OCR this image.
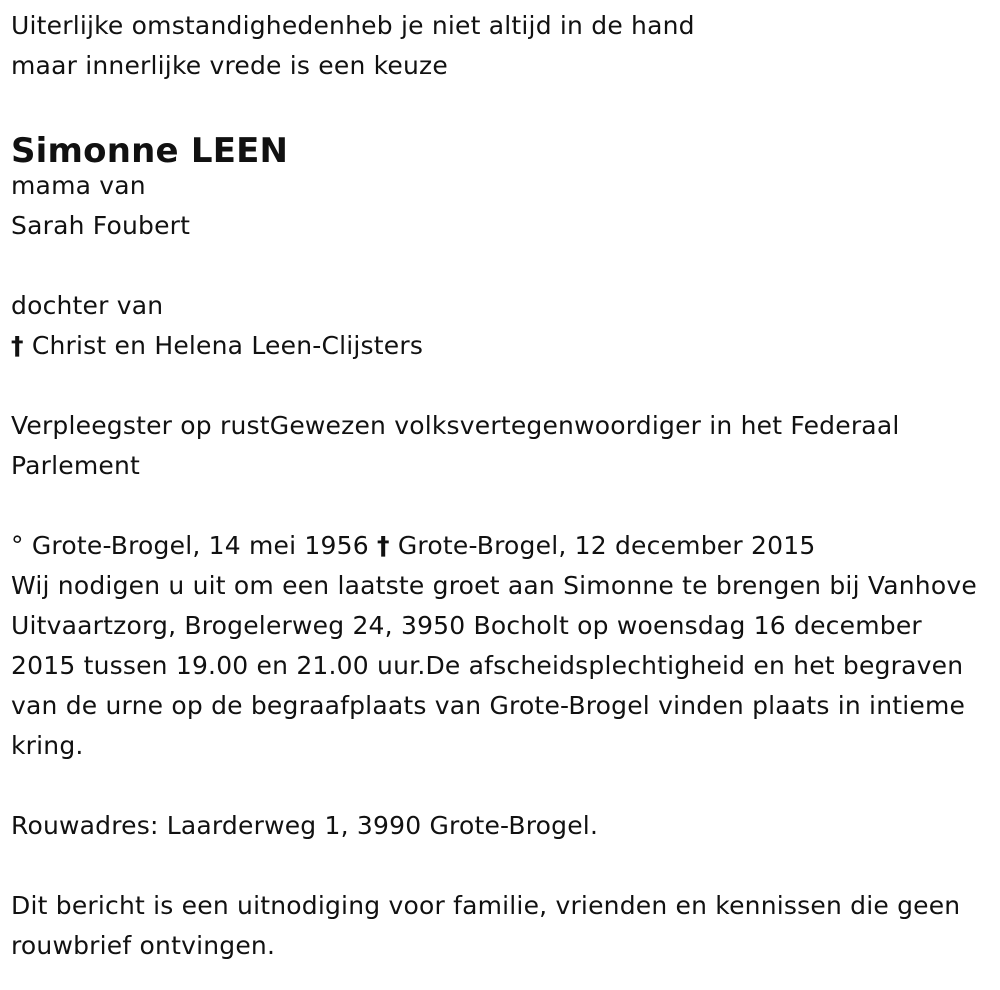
Uiterlijke omstandighedenheb je niet altijd in de hand
maar innerlijke vrede is een keuze
Simonne LEEN
mama van
Sarah Foubert
dochter van
† Christ en Helena Leen-Clijsters
Verpleegster op rustGewezen volksvertegenwoordiger in het Federaal
Parlement
° Grote-Brogel, 14 mei 1956 † Grote-Brogel, 12 december 2015
Wij nodigen u uit om een laatste groet aan Simonne te brengen bij Vanhove Uitvaartzorg, Brogelerweg 24, 3950 Bocholt op woensdag 16 december 2015 tussen 19.00 en 21.00 uur.De afscheidsplechtigheid en het begraven van de urne op de begraafplaats van Grote-Brogel vinden plaats in intieme kring.
Rouwadres: Laarderweg 1, 3990 Grote-Brogel.
Dit bericht is een uitnodiging voor familie, vrienden en kennissen die geen rouwbrief ontvingen.
